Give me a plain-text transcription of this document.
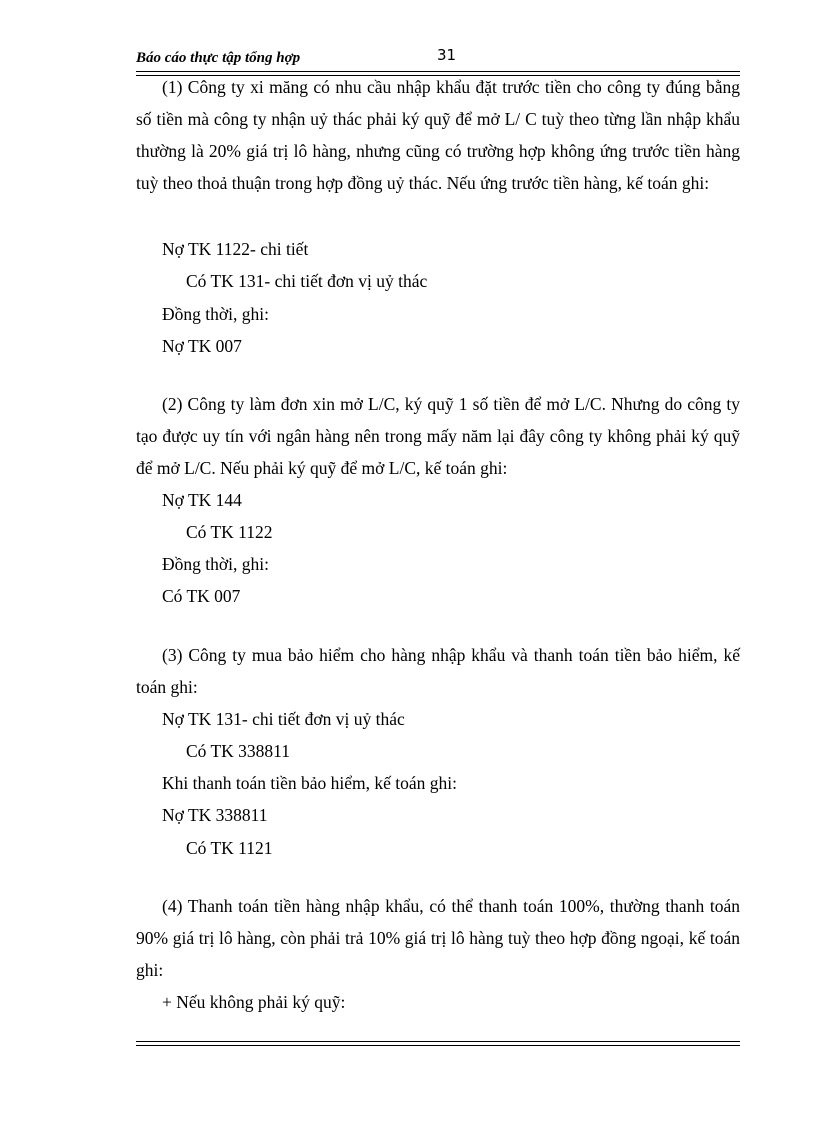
Báo cáo thực tập tổng hợp	31
(1) Công ty xi măng có nhu cầu nhập khẩu đặt trước tiền cho công ty đúng bằng số tiền mà công ty nhận uỷ thác phải ký quỹ để mở L/ C tuỳ theo từng lần nhập khẩu thường là 20% giá trị lô hàng, nhưng cũng có trường hợp không ứng trước tiền hàng tuỳ theo thoả thuận trong hợp đồng uỷ thác. Nếu ứng trước tiền hàng, kế toán ghi:
Nợ TK 1122- chi tiết
Có TK 131- chi tiết đơn vị uỷ thác
Đồng thời, ghi:
Nợ TK 007
(2) Công ty làm đơn xin mở L/C, ký quỹ 1 số tiền để mở L/C. Nhưng do công ty tạo được uy tín với ngân hàng nên trong mấy năm lại đây công ty không phải ký quỹ để mở L/C. Nếu phải ký quỹ để mở L/C, kế toán ghi:
Nợ TK 144
Có TK 1122
Đồng thời, ghi:
Có TK 007
(3) Công ty mua bảo hiểm cho hàng nhập khẩu và thanh toán tiền bảo hiểm, kế toán ghi:
Nợ TK 131- chi tiết đơn vị uỷ thác
Có TK 338811
Khi thanh toán tiền bảo hiểm, kế toán ghi:
Nợ TK 338811
Có TK 1121
(4) Thanh toán tiền hàng nhập khẩu, có thể thanh toán 100%, thường thanh toán 90% giá trị lô hàng, còn phải trả 10% giá trị lô hàng tuỳ theo hợp đồng ngoại, kế toán ghi:
+ Nếu không phải ký quỹ:
